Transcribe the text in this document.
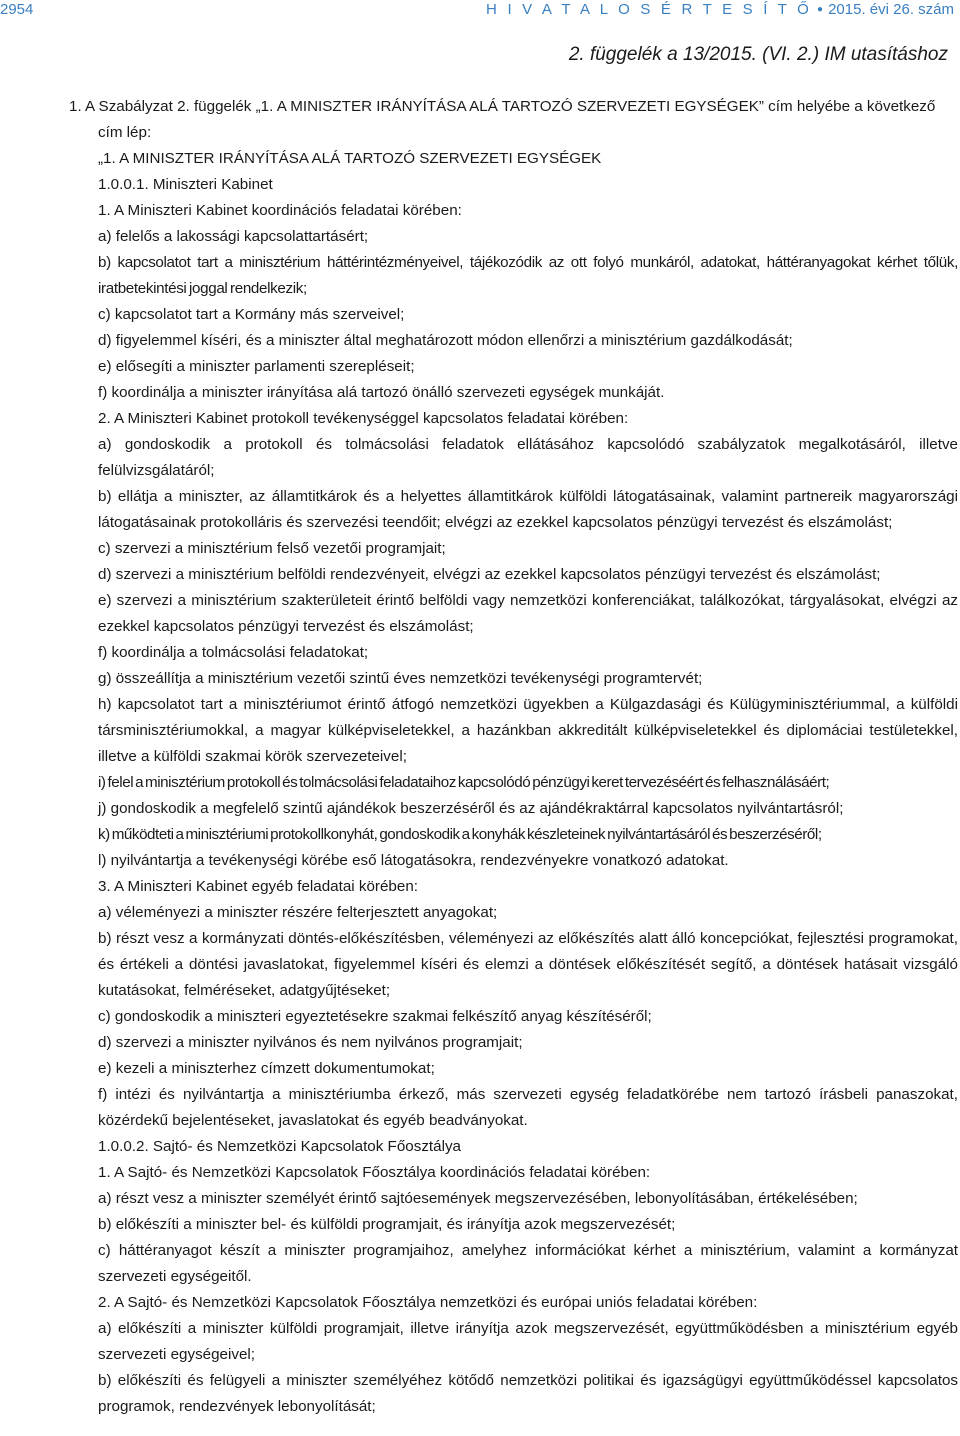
2954	H I V A T A L O S É R T E S Í T Ő ● 2015. évi 26. szám
2. függelék a 13/2015. (VI. 2.) IM utasításhoz

1. A Szabályzat 2. függelék „1. A MINISZTER IRÁNYÍTÁSA ALÁ TARTOZÓ SZERVEZETI EGYSÉGEK” cím helyébe a következő cím lép:

„1. A MINISZTER IRÁNYÍTÁSA ALÁ TARTOZÓ SZERVEZETI EGYSÉGEK

1.0.0.1. Miniszteri Kabinet

1. A Miniszteri Kabinet koordinációs feladatai körében:

a) felelős a lakossági kapcsolattartásért;

b) kapcsolatot tart a minisztérium háttérintézményeivel, tájékozódik az ott folyó munkáról, adatokat, háttéranyagokat kérhet tőlük, iratbetekintési joggal rendelkezik;

c) kapcsolatot tart a Kormány más szerveivel;

d) figyelemmel kíséri, és a miniszter által meghatározott módon ellenőrzi a minisztérium gazdálkodását;

e) elősegíti a miniszter parlamenti szerepléseit;

f) koordinálja a miniszter irányítása alá tartozó önálló szervezeti egységek munkáját.

2. A Miniszteri Kabinet protokoll tevékenységgel kapcsolatos feladatai körében:

a) gondoskodik a protokoll és tolmácsolási feladatok ellátásához kapcsolódó szabályzatok megalkotásáról, illetve felülvizsgálatáról;

b) ellátja a miniszter, az államtitkárok és a helyettes államtitkárok külföldi látogatásainak, valamint partnereik magyarországi látogatásainak protokolláris és szervezési teendőit; elvégzi az ezekkel kapcsolatos pénzügyi tervezést és elszámolást;

c) szervezi a minisztérium felső vezetői programjait;

d) szervezi a minisztérium belföldi rendezvényeit, elvégzi az ezekkel kapcsolatos pénzügyi tervezést és elszámolást;

e) szervezi a minisztérium szakterületeit érintő belföldi vagy nemzetközi konferenciákat, találkozókat, tárgyalásokat, elvégzi az ezekkel kapcsolatos pénzügyi tervezést és elszámolást;

f) koordinálja a tolmácsolási feladatokat;

g) összeállítja a minisztérium vezetői szintű éves nemzetközi tevékenységi programtervét;

h) kapcsolatot tart a minisztériumot érintő átfogó nemzetközi ügyekben a Külgazdasági és Külügyminisztériummal, a külföldi társminisztériumokkal, a magyar külképviseletekkel, a hazánkban akkreditált külképviseletekkel és diplomáciai testületekkel, illetve a külföldi szakmai körök szervezeteivel;

i) felel a minisztérium protokoll és tolmácsolási feladataihoz kapcsolódó pénzügyi keret tervezéséért és felhasználásáért;

j) gondoskodik a megfelelő szintű ajándékok beszerzéséről és az ajándékraktárral kapcsolatos nyilvántartásról;

k) működteti a minisztériumi protokollkonyhát, gondoskodik a konyhák készleteinek nyilvántartásáról és beszerzéséről;

l) nyilvántartja a tevékenységi körébe eső látogatásokra, rendezvényekre vonatkozó adatokat.

3. A Miniszteri Kabinet egyéb feladatai körében:

a) véleményezi a miniszter részére felterjesztett anyagokat;

b) részt vesz a kormányzati döntés-előkészítésben, véleményezi az előkészítés alatt álló koncepciókat, fejlesztési programokat, és értékeli a döntési javaslatokat, figyelemmel kíséri és elemzi a döntések előkészítését segítő, a döntések hatásait vizsgáló kutatásokat, felméréseket, adatgyűjtéseket;

c) gondoskodik a miniszteri egyeztetésekre szakmai felkészítő anyag készítéséről;

d) szervezi a miniszter nyilvános és nem nyilvános programjait;

e) kezeli a miniszterhez címzett dokumentumokat;

f) intézi és nyilvántartja a minisztériumba érkező, más szervezeti egység feladatkörébe nem tartozó írásbeli panaszokat, közérdekű bejelentéseket, javaslatokat és egyéb beadványokat.

1.0.0.2. Sajtó- és Nemzetközi Kapcsolatok Főosztálya

1. A Sajtó- és Nemzetközi Kapcsolatok Főosztálya koordinációs feladatai körében:

a) részt vesz a miniszter személyét érintő sajtóesemények megszervezésében, lebonyolításában, értékelésében;

b) előkészíti a miniszter bel- és külföldi programjait, és irányítja azok megszervezését;

c) háttéranyagot készít a miniszter programjaihoz, amelyhez információkat kérhet a minisztérium, valamint a kormányzat szervezeti egységeitől.

2. A Sajtó- és Nemzetközi Kapcsolatok Főosztálya nemzetközi és európai uniós feladatai körében:

a) előkészíti a miniszter külföldi programjait, illetve irányítja azok megszervezését, együttműködésben a minisztérium egyéb szervezeti egységeivel;

b) előkészíti és felügyeli a miniszter személyéhez kötődő nemzetközi politikai és igazságügyi együttműködéssel kapcsolatos programok, rendezvények lebonyolítását;
